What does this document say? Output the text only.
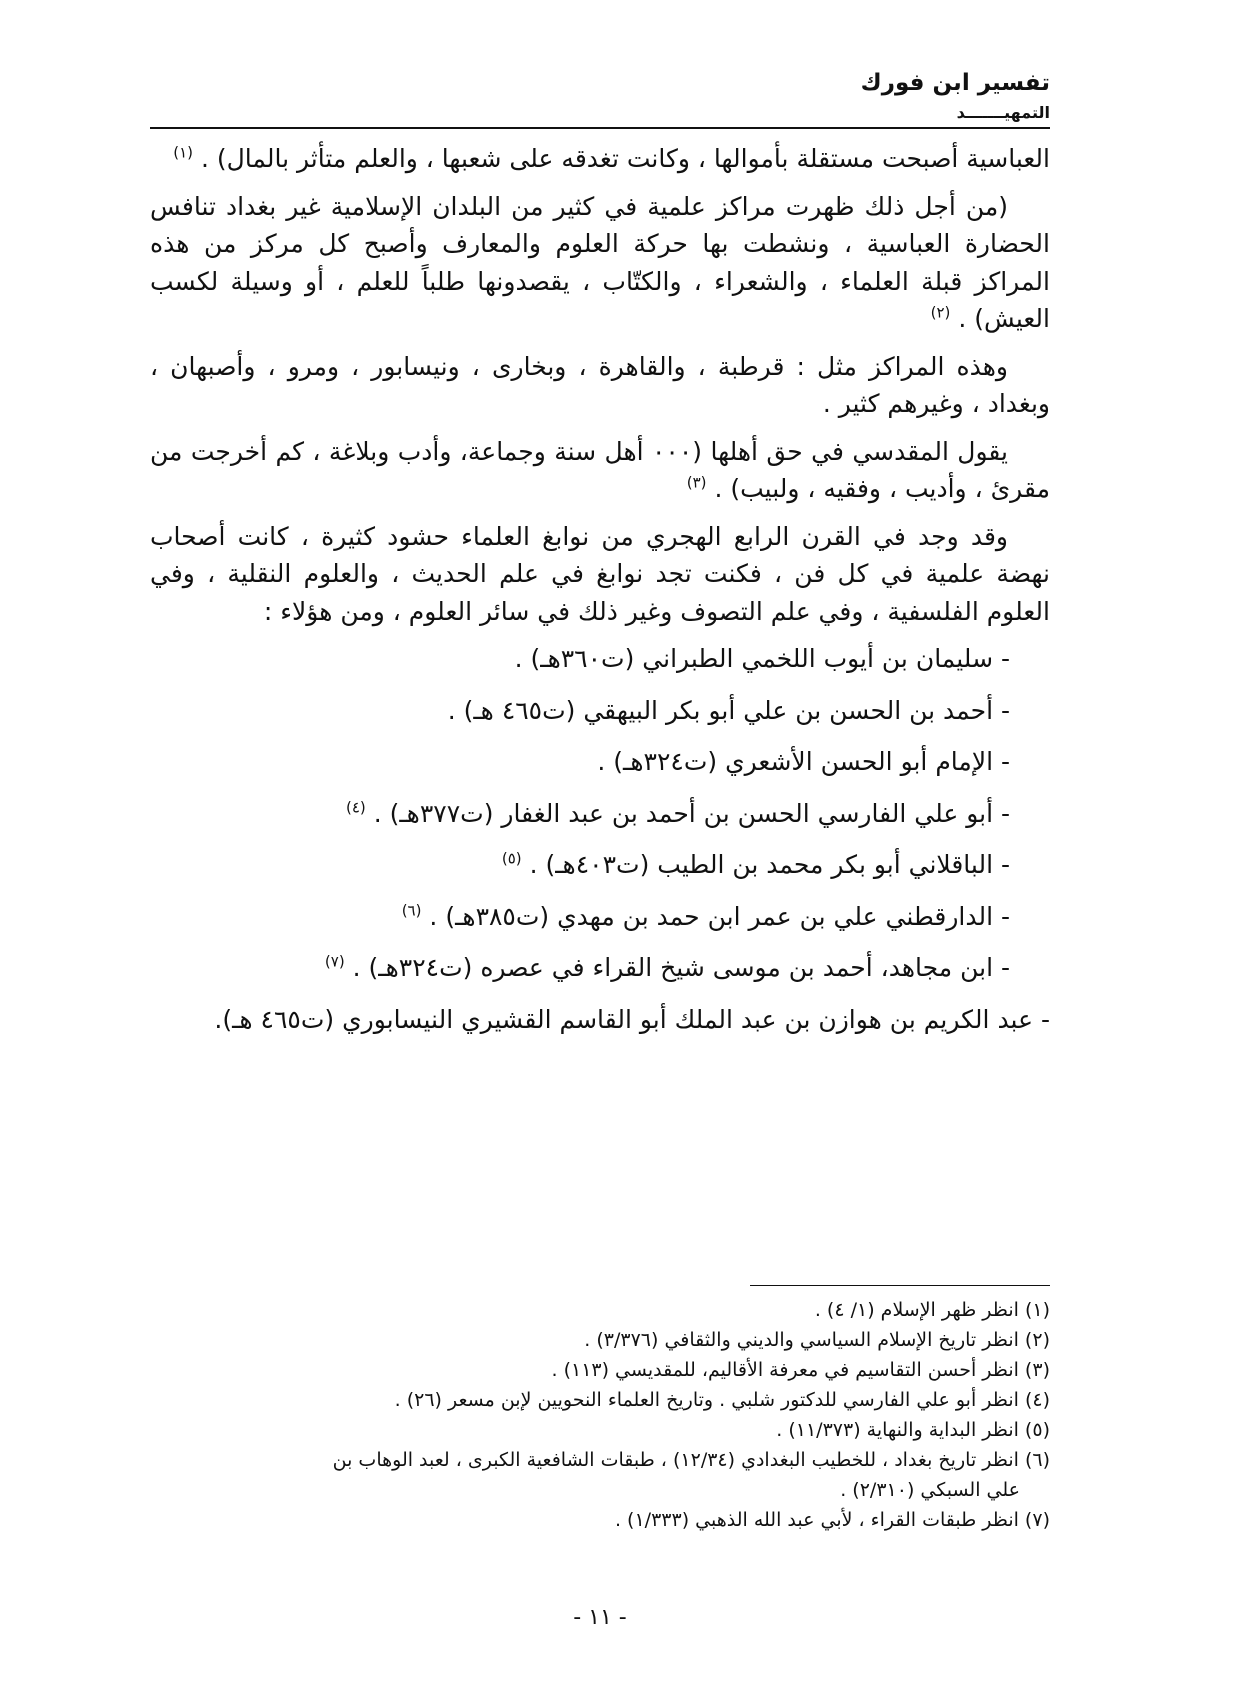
تفسير ابن فورك
التمهيـــــــد

العباسية أصبحت مستقلة بأموالها ، وكانت تغدقه على شعبها ، والعلم متأثر بالمال) . $^{(١)}$

(من أجل ذلك ظهرت مراكز علمية في كثير من البلدان الإسلامية غير بغداد تنافس الحضارة العباسية ، ونشطت بها حركة العلوم والمعارف وأصبح كل مركز من هذه المراكز قبلة العلماء ، والشعراء ، والكتّاب ، يقصدونها طلباً للعلم ، أو وسيلة لكسب العيش) . $^{(٢)}$

وهذه المراكز مثل : قرطبة ، والقاهرة ، وبخارى ، ونيسابور ، ومرو ، وأصبهان ، وبغداد ، وغيرهم كثير .

يقول المقدسي في حق أهلها (٠٠٠ أهل سنة وجماعة، وأدب وبلاغة ، كم أخرجت من مقرئ ، وأديب ، وفقيه ، ولبيب) . $^{(٣)}$

وقد وجد في القرن الرابع الهجري من نوابغ العلماء حشود كثيرة ، كانت أصحاب نهضة علمية في كل فن ، فكنت تجد نوابغ في علم الحديث ، والعلوم النقلية ، وفي العلوم الفلسفية ، وفي علم التصوف وغير ذلك في سائر العلوم ، ومن هؤلاء :

- سليمان بن أيوب اللخمي الطبراني (ت٣٦٠هـ) .
- أحمد بن الحسن بن علي أبو بكر البيهقي (ت٤٦٥ هـ) .
- الإمام أبو الحسن الأشعري (ت٣٢٤هـ) .
- أبو علي الفارسي الحسن بن أحمد بن عبد الغفار (ت٣٧٧هـ) . $^{(٤)}$
- الباقلاني أبو بكر محمد بن الطيب (ت٤٠٣هـ) . $^{(٥)}$
- الدارقطني علي بن عمر ابن حمد بن مهدي (ت٣٨٥هـ) . $^{(٦)}$
- ابن مجاهد، أحمد بن موسى شيخ القراء في عصره (ت٣٢٤هـ) . $^{(٧)}$
- عبد الكريم بن هوازن بن عبد الملك أبو القاسم القشيري النيسابوري (ت٤٦٥ هـ).
(١) انظر ظهر الإسلام (١/ ٤) .
(٢) انظر تاريخ الإسلام السياسي والديني والثقافي (٣/٣٧٦) .
(٣) انظر أحسن التقاسيم في معرفة الأقاليم، للمقديسي (١١٣) .
(٤) انظر أبو علي الفارسي للدكتور شلبي . وتاريخ العلماء النحويين لإبن مسعر (٢٦) .
(٥) انظر البداية والنهاية (١١/٣٧٣) .
(٦) انظر تاريخ بغداد ، للخطيب البغدادي (١٢/٣٤) ، طبقات الشافعية الكبرى ، لعبد الوهاب بن
علي السبكي (٢/٣١٠) .
(٧) انظر طبقات القراء ، لأبي عبد الله الذهبي (١/٣٣٣) .
- ١١ -
